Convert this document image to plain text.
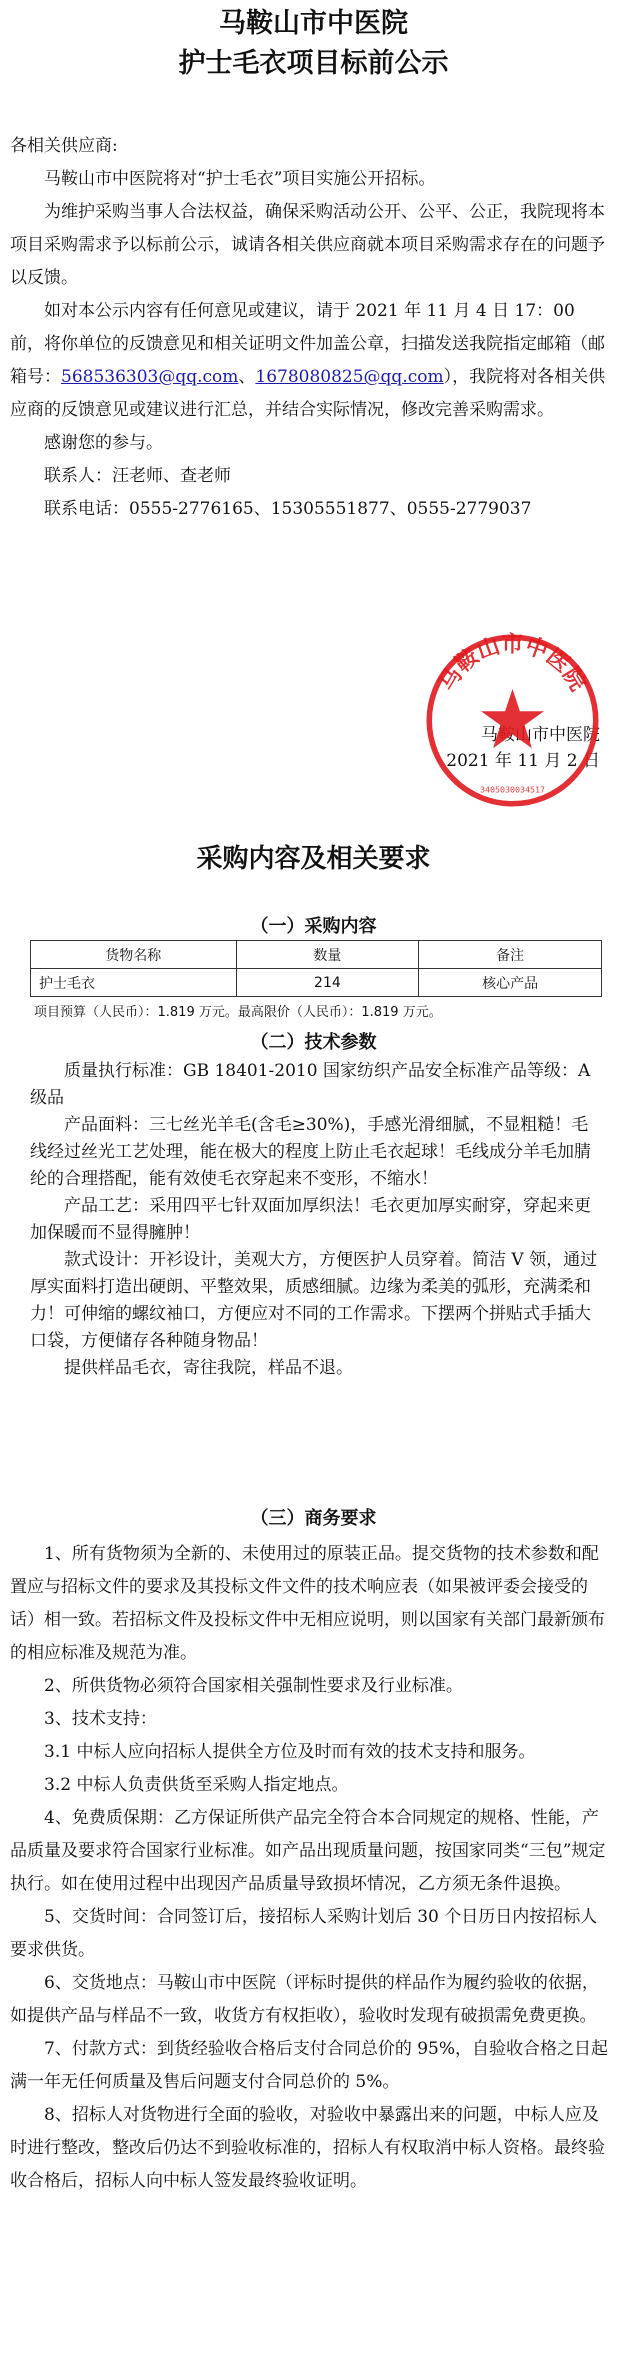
马鞍山市中医院
护士毛衣项目标前公示

各相关供应商:

马鞍山市中医院将对“护士毛衣”项目实施公开招标。

为维护采购当事人合法权益，确保采购活动公开、公平、公正，我院现将本项目采购需求予以标前公示，诚请各相关供应商就本项目采购需求存在的问题予以反馈。

如对本公示内容有任何意见或建议，请于 2021 年 11 月 4 日 17：00 前，将你单位的反馈意见和相关证明文件加盖公章，扫描发送我院指定邮箱（邮箱号：568536303@qq.com、1678080825@qq.com），我院将对各相关供应商的反馈意见或建议进行汇总，并结合实际情况，修改完善采购需求。

感谢您的参与。

联系人：汪老师、查老师

联系电话：0555-2776165、15305551877、0555-2779037

马鞍山市中医院
2021 年 11 月 2 日
马鞍山市中医院
3405030034517
采购内容及相关要求
（一）采购内容
货物名称	数量	备注
护士毛衣	214	核心产品
项目预算（人民币）：1.819 万元。最高限价（人民币）：1.819 万元。
（二）技术参数

质量执行标准：GB 18401-2010 国家纺织产品安全标准产品等级：A 级品

产品面料：三七丝光羊毛(含毛≥30%)，手感光滑细腻，不显粗糙！毛线经过丝光工艺处理，能在极大的程度上防止毛衣起球！毛线成分羊毛加腈纶的合理搭配，能有效使毛衣穿起来不变形，不缩水！

产品工艺：采用四平七针双面加厚织法！毛衣更加厚实耐穿，穿起来更加保暖而不显得臃肿！

款式设计：开衫设计，美观大方，方便医护人员穿着。简洁 V 领，通过厚实面料打造出硬朗、平整效果，质感细腻。边缘为柔美的弧形，充满柔和力！可伸缩的螺纹袖口，方便应对不同的工作需求。下摆两个拼贴式手插大口袋，方便储存各种随身物品！

提供样品毛衣，寄往我院，样品不退。

（三）商务要求

1、所有货物须为全新的、未使用过的原装正品。提交货物的技术参数和配置应与招标文件的要求及其投标文件文件的技术响应表（如果被评委会接受的话）相一致。若招标文件及投标文件中无相应说明，则以国家有关部门最新颁布的相应标准及规范为准。

2、所供货物必须符合国家相关强制性要求及行业标准。

3、技术支持：

3.1 中标人应向招标人提供全方位及时而有效的技术支持和服务。

3.2 中标人负责供货至采购人指定地点。

4、免费质保期：乙方保证所供产品完全符合本合同规定的规格、性能，产品质量及要求符合国家行业标准。如产品出现质量问题，按国家同类“三包”规定执行。如在使用过程中出现因产品质量导致损坏情况，乙方须无条件退换。

5、交货时间：合同签订后，接招标人采购计划后 30 个日历日内按招标人要求供货。

6、交货地点：马鞍山市中医院（评标时提供的样品作为履约验收的依据，如提供产品与样品不一致，收货方有权拒收），验收时发现有破损需免费更换。

7、付款方式：到货经验收合格后支付合同总价的 95%，自验收合格之日起满一年无任何质量及售后问题支付合同总价的 5%。

8、招标人对货物进行全面的验收，对验收中暴露出来的问题，中标人应及时进行整改，整改后仍达不到验收标准的，招标人有权取消中标人资格。最终验收合格后，招标人向中标人签发最终验收证明。
